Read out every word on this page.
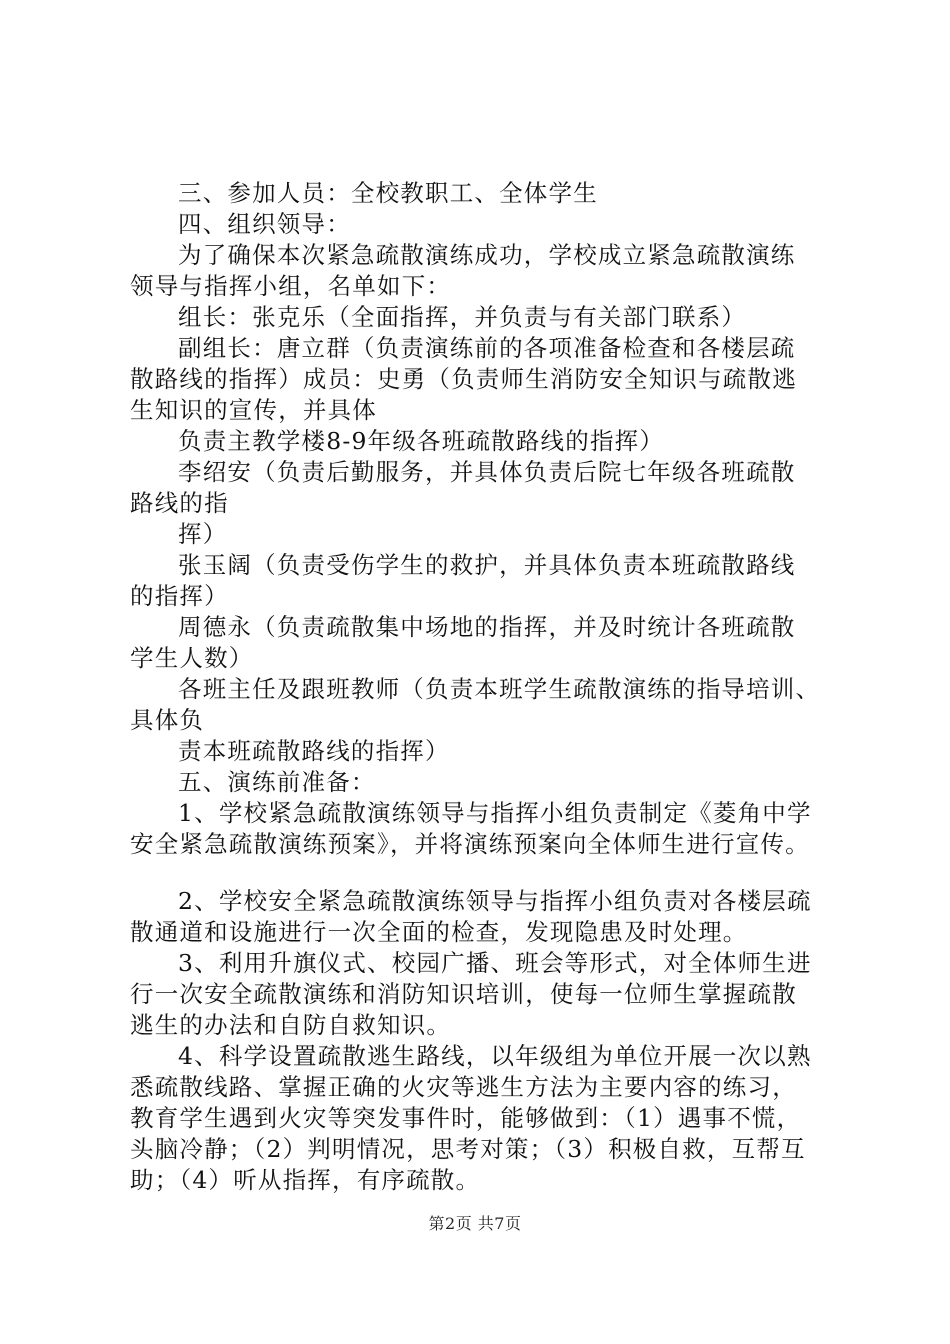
三、参加人员：全校教职工、全体学生
四、组织领导：
为了确保本次紧急疏散演练成功，学校成立紧急疏散演练
领导与指挥小组，名单如下：
组长：张克乐（全面指挥，并负责与有关部门联系）
副组长：唐立群（负责演练前的各项准备检查和各楼层疏
散路线的指挥）成员：史勇（负责师生消防安全知识与疏散逃
生知识的宣传，并具体
负责主教学楼8-9年级各班疏散路线的指挥）
李绍安（负责后勤服务，并具体负责后院七年级各班疏散
路线的指
挥）
张玉阔（负责受伤学生的救护，并具体负责本班疏散路线
的指挥）
周德永（负责疏散集中场地的指挥，并及时统计各班疏散
学生人数）
各班主任及跟班教师（负责本班学生疏散演练的指导培训、
具体负
责本班疏散路线的指挥）
五、演练前准备：
1、学校紧急疏散演练领导与指挥小组负责制定《菱角中学
安全紧急疏散演练预案》，并将演练预案向全体师生进行宣传。
2、学校安全紧急疏散演练领导与指挥小组负责对各楼层疏
散通道和设施进行一次全面的检查，发现隐患及时处理。
3、利用升旗仪式、校园广播、班会等形式，对全体师生进
行一次安全疏散演练和消防知识培训，使每一位师生掌握疏散
逃生的办法和自防自救知识。
4、科学设置疏散逃生路线，以年级组为单位开展一次以熟
悉疏散线路、掌握正确的火灾等逃生方法为主要内容的练习，
教育学生遇到火灾等突发事件时，能够做到：（1）遇事不慌，
头脑冷静；（2）判明情况，思考对策；（3）积极自救，互帮互
助；（4）听从指挥，有序疏散。
第2页 共7页
